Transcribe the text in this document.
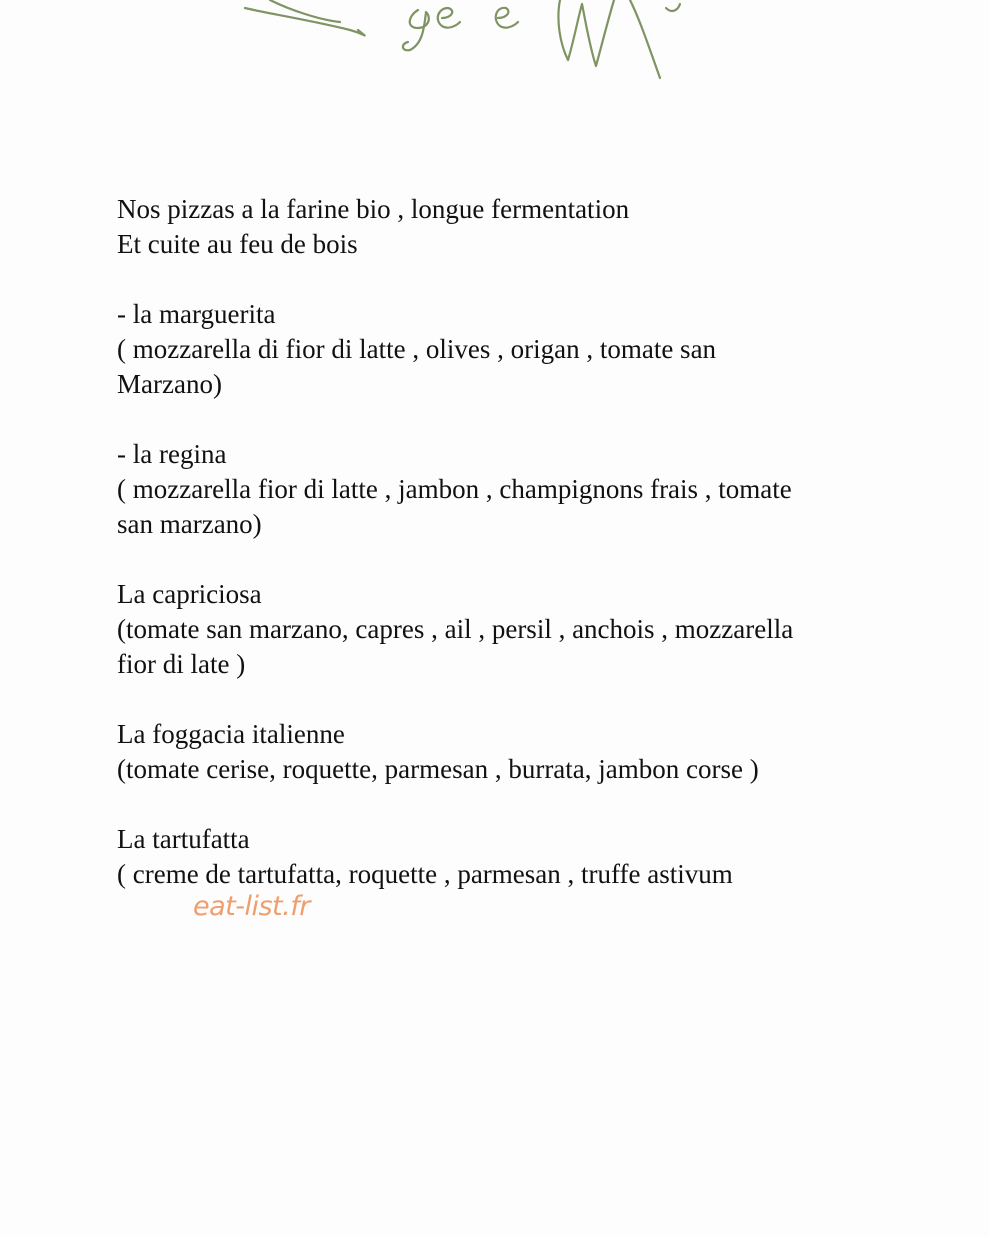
Nos pizzas a la farine bio , longue fermentation

Et cuite au feu de bois

- la marguerita

( mozzarella di fior di latte , olives , origan , tomate san

Marzano)

- la regina

( mozzarella fior di latte , jambon , champignons frais , tomate

san marzano)

La capriciosa

(tomate san marzano, capres , ail , persil , anchois , mozzarella

fior di late )

La foggacia italienne

(tomate cerise, roquette, parmesan , burrata, jambon corse )

La tartufatta

( creme de tartufatta, roquette , parmesan , truffe astivum

eat-list.fr
